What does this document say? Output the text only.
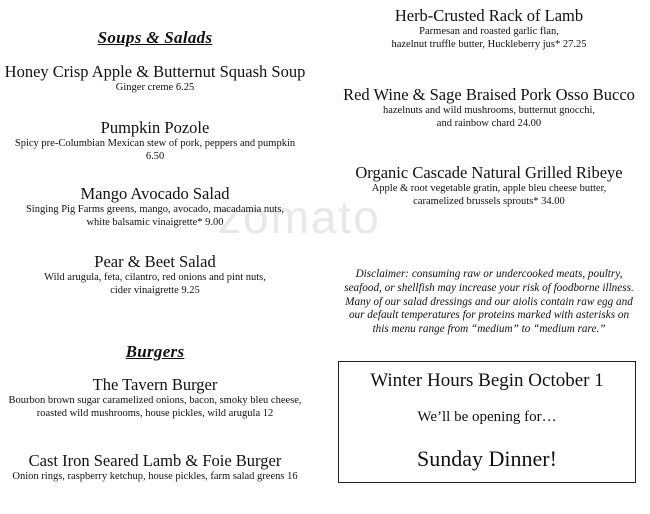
zomato
Soups & Salads
Honey Crisp Apple & Butternut Squash Soup
Ginger creme 6.25
Pumpkin Pozole
Spicy pre-Columbian Mexican stew of pork, peppers and pumpkin
6.50
Mango Avocado Salad
Singing Pig Farms greens, mango, avocado, macadamia nuts,
white balsamic vinaigrette* 9.00
Pear & Beet Salad
Wild arugula, feta, cilantro, red onions and pint nuts,
cider vinaigrette 9.25
Burgers
The Tavern Burger
Bourbon brown sugar caramelized onions, bacon, smoky bleu cheese,
roasted wild mushrooms, house pickles, wild arugula 12
Cast Iron Seared Lamb & Foie Burger
Onion rings, raspberry ketchup, house pickles, farm salad greens 16
Herb-Crusted Rack of Lamb
Parmesan and roasted garlic flan,
hazelnut truffle butter, Huckleberry jus* 27.25
Red Wine & Sage Braised Pork Osso Bucco
hazelnuts and wild mushrooms, butternut gnocchi,
and rainbow chard 24.00
Organic Cascade Natural Grilled Ribeye
Apple & root vegetable gratin, apple bleu cheese butter,
caramelized brussels sprouts* 34.00
Disclaimer: consuming raw or undercooked meats, poultry,
seafood, or shellfish may increase your risk of foodborne illness.
Many of our salad dressings and our aiolis contain raw egg and
our default temperatures for proteins marked with asterisks on
this menu range from “medium” to “medium rare.”
Winter Hours Begin October 1
We’ll be opening for…
Sunday Dinner!
